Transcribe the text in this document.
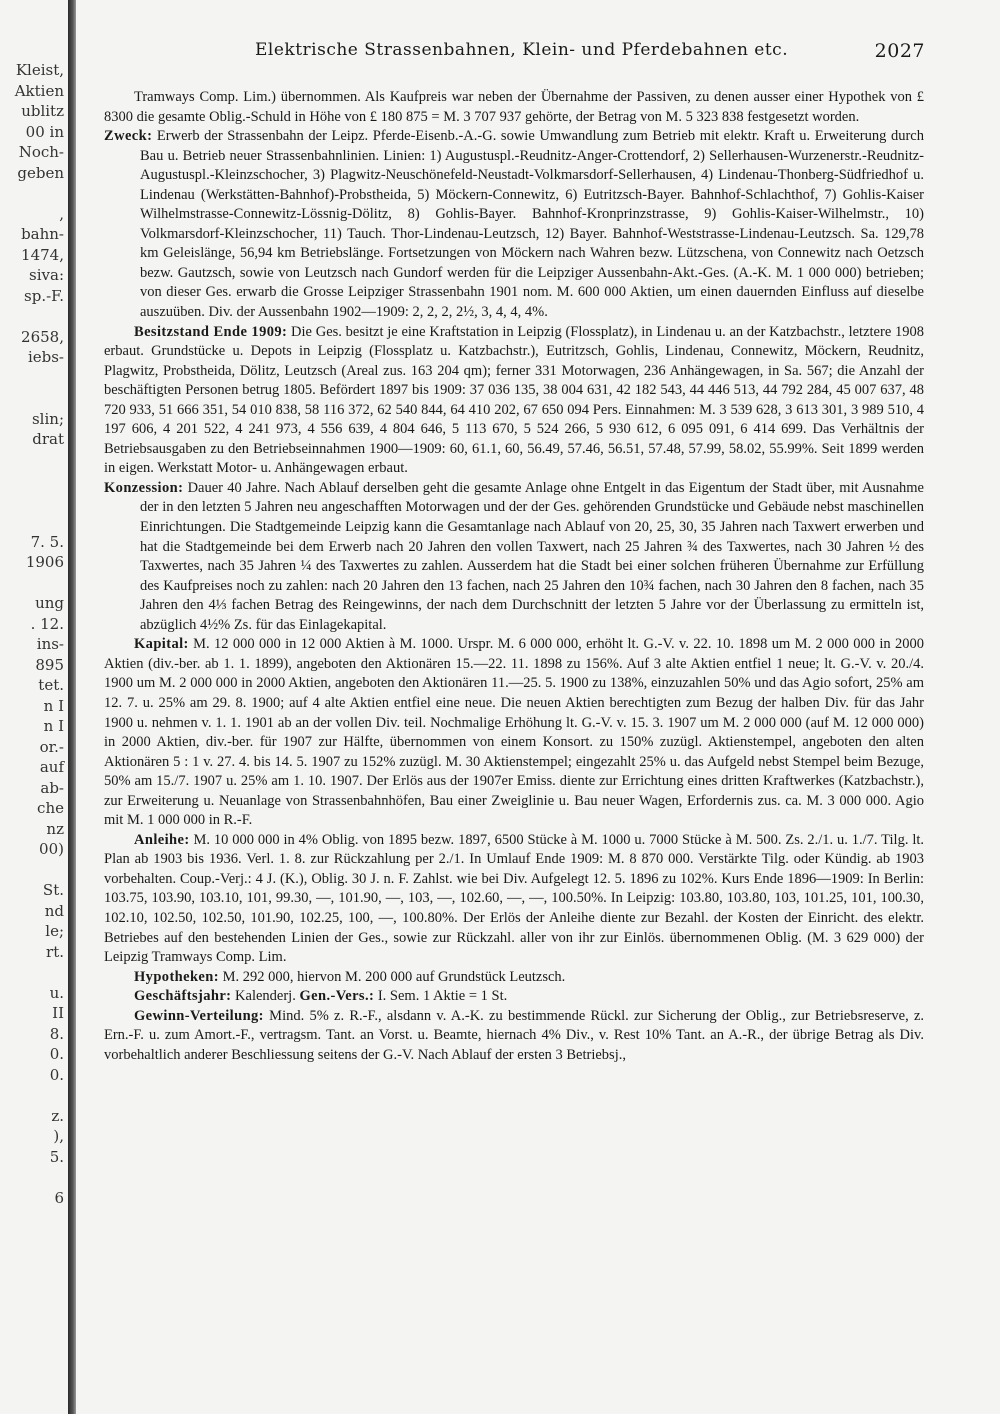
Kleist,
Aktien
ublitz
00 in
Noch-
geben
,
bahn-
1474,
siva:
sp.-F.
2658,
iebs-
slin;
drat
7. 5.
1906
ung
. 12.
ins-
895
tet.
n I
n I
or.-
auf
ab-
che
nz
00)
St.
nd
le;
rt.
u.
II
8.
0.
0.
z.
),
5.
6
Elektrische Strassenbahnen, Klein- und Pferdebahnen etc.	2027

Tramways Comp. Lim.) übernommen. Als Kaufpreis war neben der Übernahme der Passiven, zu denen ausser einer Hypothek von £ 8300 die gesamte Oblig.-Schuld in Höhe von £ 180 875 = M. 3 707 937 gehörte, der Betrag von M. 5 323 838 festgesetzt worden.

Zweck: Erwerb der Strassenbahn der Leipz. Pferde-Eisenb.-A.-G. sowie Umwandlung zum Betrieb mit elektr. Kraft u. Erweiterung durch Bau u. Betrieb neuer Strassenbahnlinien. Linien: 1) Augustuspl.-Reudnitz-Anger-Crottendorf, 2) Sellerhausen-Wurzenerstr.-Reudnitz-Augustuspl.-Kleinzschocher, 3) Plagwitz-Neuschönefeld-Neustadt-Volkmarsdorf-Sellerhausen, 4) Lindenau-Thonberg-Südfriedhof u. Lindenau (Werkstätten-Bahnhof)-Probstheida, 5) Möckern-Connewitz, 6) Eutritzsch-Bayer. Bahnhof-Schlachthof, 7) Gohlis-Kaiser Wilhelmstrasse-Connewitz-Lössnig-Dölitz, 8) Gohlis-Bayer. Bahnhof-Kronprinzstrasse, 9) Gohlis-Kaiser-Wilhelmstr., 10) Volkmarsdorf-Kleinzschocher, 11) Tauch. Thor-Lindenau-Leutzsch, 12) Bayer. Bahnhof-Weststrasse-Lindenau-Leutzsch. Sa. 129,78 km Geleislänge, 56,94 km Betriebslänge. Fortsetzungen von Möckern nach Wahren bezw. Lützschena, von Connewitz nach Oetzsch bezw. Gautzsch, sowie von Leutzsch nach Gundorf werden für die Leipziger Aussenbahn-Akt.-Ges. (A.-K. M. 1 000 000) betrieben; von dieser Ges. erwarb die Grosse Leipziger Strassenbahn 1901 nom. M. 600 000 Aktien, um einen dauernden Einfluss auf dieselbe auszuüben. Div. der Aussenbahn 1902—1909: 2, 2, 2, 2½, 3, 4, 4, 4%.

Besitzstand Ende 1909: Die Ges. besitzt je eine Kraftstation in Leipzig (Flossplatz), in Lindenau u. an der Katzbachstr., letztere 1908 erbaut. Grundstücke u. Depots in Leipzig (Flossplatz u. Katzbachstr.), Eutritzsch, Gohlis, Lindenau, Connewitz, Möckern, Reudnitz, Plagwitz, Probstheida, Dölitz, Leutzsch (Areal zus. 163 204 qm); ferner 331 Motorwagen, 236 Anhängewagen, in Sa. 567; die Anzahl der beschäftigten Personen betrug 1805. Befördert 1897 bis 1909: 37 036 135, 38 004 631, 42 182 543, 44 446 513, 44 792 284, 45 007 637, 48 720 933, 51 666 351, 54 010 838, 58 116 372, 62 540 844, 64 410 202, 67 650 094 Pers. Einnahmen: M. 3 539 628, 3 613 301, 3 989 510, 4 197 606, 4 201 522, 4 241 973, 4 556 639, 4 804 646, 5 113 670, 5 524 266, 5 930 612, 6 095 091, 6 414 699. Das Verhältnis der Betriebsausgaben zu den Betriebseinnahmen 1900—1909: 60, 61.1, 60, 56.49, 57.46, 56.51, 57.48, 57.99, 58.02, 55.99%. Seit 1899 werden in eigen. Werkstatt Motor- u. Anhängewagen erbaut.

Konzession: Dauer 40 Jahre. Nach Ablauf derselben geht die gesamte Anlage ohne Entgelt in das Eigentum der Stadt über, mit Ausnahme der in den letzten 5 Jahren neu angeschafften Motorwagen und der der Ges. gehörenden Grundstücke und Gebäude nebst maschinellen Einrichtungen. Die Stadtgemeinde Leipzig kann die Gesamtanlage nach Ablauf von 20, 25, 30, 35 Jahren nach Taxwert erwerben und hat die Stadtgemeinde bei dem Erwerb nach 20 Jahren den vollen Taxwert, nach 25 Jahren ¾ des Taxwertes, nach 30 Jahren ½ des Taxwertes, nach 35 Jahren ¼ des Taxwertes zu zahlen. Ausserdem hat die Stadt bei einer solchen früheren Übernahme zur Erfüllung des Kaufpreises noch zu zahlen: nach 20 Jahren den 13 fachen, nach 25 Jahren den 10¾ fachen, nach 30 Jahren den 8 fachen, nach 35 Jahren den 4⅓ fachen Betrag des Reingewinns, der nach dem Durchschnitt der letzten 5 Jahre vor der Überlassung zu ermitteln ist, abzüglich 4½% Zs. für das Einlagekapital.

Kapital: M. 12 000 000 in 12 000 Aktien à M. 1000. Urspr. M. 6 000 000, erhöht lt. G.-V. v. 22. 10. 1898 um M. 2 000 000 in 2000 Aktien (div.-ber. ab 1. 1. 1899), angeboten den Aktionären 15.—22. 11. 1898 zu 156%. Auf 3 alte Aktien entfiel 1 neue; lt. G.-V. v. 20./4. 1900 um M. 2 000 000 in 2000 Aktien, angeboten den Aktionären 11.—25. 5. 1900 zu 138%, einzuzahlen 50% und das Agio sofort, 25% am 12. 7. u. 25% am 29. 8. 1900; auf 4 alte Aktien entfiel eine neue. Die neuen Aktien berechtigten zum Bezug der halben Div. für das Jahr 1900 u. nehmen v. 1. 1. 1901 ab an der vollen Div. teil. Nochmalige Erhöhung lt. G.-V. v. 15. 3. 1907 um M. 2 000 000 (auf M. 12 000 000) in 2000 Aktien, div.-ber. für 1907 zur Hälfte, übernommen von einem Konsort. zu 150% zuzügl. Aktienstempel, angeboten den alten Aktionären 5 : 1 v. 27. 4. bis 14. 5. 1907 zu 152% zuzügl. M. 30 Aktienstempel; eingezahlt 25% u. das Aufgeld nebst Stempel beim Bezuge, 50% am 15./7. 1907 u. 25% am 1. 10. 1907. Der Erlös aus der 1907er Emiss. diente zur Errichtung eines dritten Kraftwerkes (Katzbachstr.), zur Erweiterung u. Neuanlage von Strassenbahnhöfen, Bau einer Zweiglinie u. Bau neuer Wagen, Erfordernis zus. ca. M. 3 000 000. Agio mit M. 1 000 000 in R.-F.

Anleihe: M. 10 000 000 in 4% Oblig. von 1895 bezw. 1897, 6500 Stücke à M. 1000 u. 7000 Stücke à M. 500. Zs. 2./1. u. 1./7. Tilg. lt. Plan ab 1903 bis 1936. Verl. 1. 8. zur Rückzahlung per 2./1. In Umlauf Ende 1909: M. 8 870 000. Verstärkte Tilg. oder Kündig. ab 1903 vorbehalten. Coup.-Verj.: 4 J. (K.), Oblig. 30 J. n. F. Zahlst. wie bei Div. Aufgelegt 12. 5. 1896 zu 102%. Kurs Ende 1896—1909: In Berlin: 103.75, 103.90, 103.10, 101, 99.30, —, 101.90, —, 103, —, 102.60, —, —, 100.50%. In Leipzig: 103.80, 103.80, 103, 101.25, 101, 100.30, 102.10, 102.50, 102.50, 101.90, 102.25, 100, —, 100.80%. Der Erlös der Anleihe diente zur Bezahl. der Kosten der Einricht. des elektr. Betriebes auf den bestehenden Linien der Ges., sowie zur Rückzahl. aller von ihr zur Einlös. übernommenen Oblig. (M. 3 629 000) der Leipzig Tramways Comp. Lim.

Hypotheken: M. 292 000, hiervon M. 200 000 auf Grundstück Leutzsch.

Geschäftsjahr: Kalenderj. Gen.-Vers.: I. Sem. 1 Aktie = 1 St.

Gewinn-Verteilung: Mind. 5% z. R.-F., alsdann v. A.-K. zu bestimmende Rückl. zur Sicherung der Oblig., zur Betriebsreserve, z. Ern.-F. u. zum Amort.-F., vertragsm. Tant. an Vorst. u. Beamte, hiernach 4% Div., v. Rest 10% Tant. an A.-R., der übrige Betrag als Div. vorbehaltlich anderer Beschliessung seitens der G.-V. Nach Ablauf der ersten 3 Betriebsj.,
